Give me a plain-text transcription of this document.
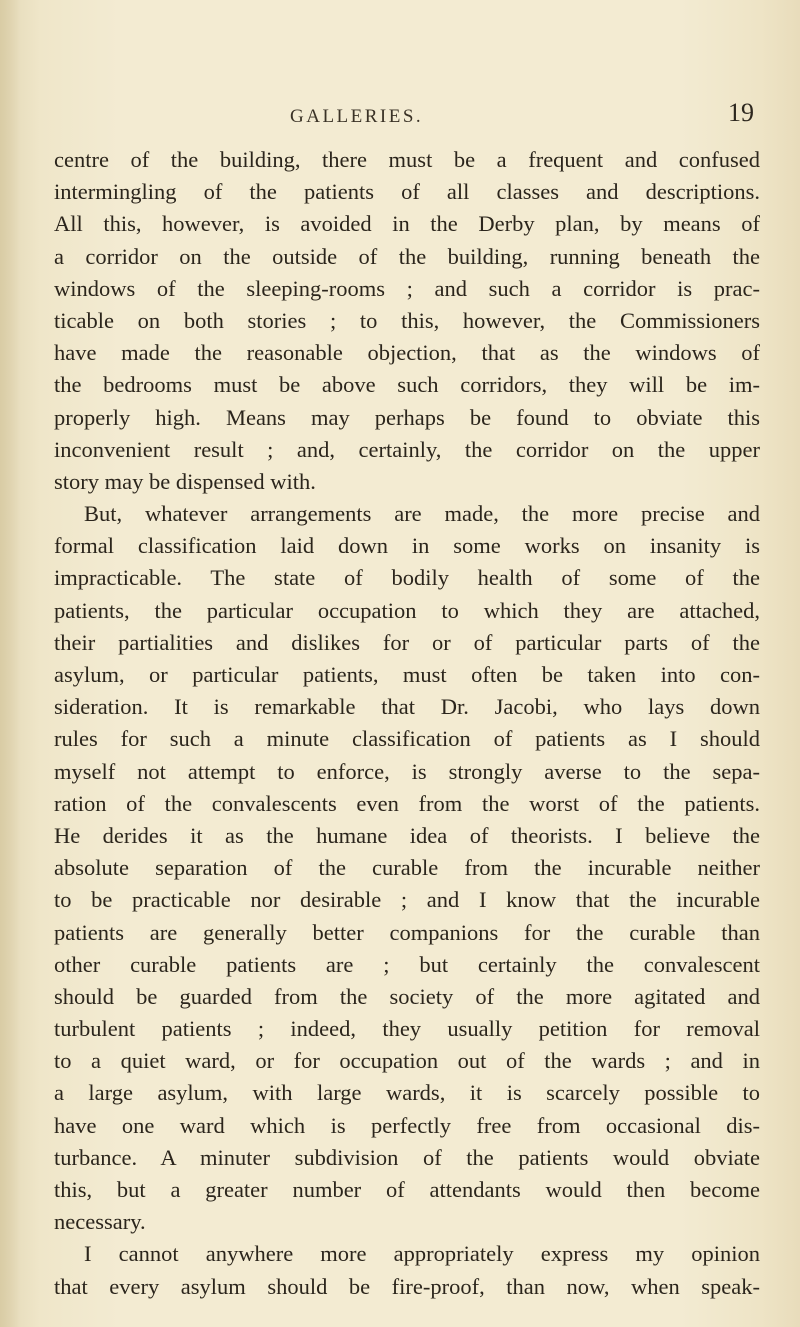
GALLERIES.	19
centre of the building, there must be a frequent and confused
intermingling of the patients of all classes and descriptions.
All this, however, is avoided in the Derby plan, by means of
a corridor on the outside of the building, running beneath the
windows of the sleeping-rooms ; and such a corridor is prac-
ticable on both stories ; to this, however, the Commissioners
have made the reasonable objection, that as the windows of
the bedrooms must be above such corridors, they will be im-
properly high. Means may perhaps be found to obviate this
inconvenient result ; and, certainly, the corridor on the upper
story may be dispensed with.
But, whatever arrangements are made, the more precise and
formal classification laid down in some works on insanity is
impracticable. The state of bodily health of some of the
patients, the particular occupation to which they are attached,
their partialities and dislikes for or of particular parts of the
asylum, or particular patients, must often be taken into con-
sideration. It is remarkable that Dr. Jacobi, who lays down
rules for such a minute classification of patients as I should
myself not attempt to enforce, is strongly averse to the sepa-
ration of the convalescents even from the worst of the patients.
He derides it as the humane idea of theorists. I believe the
absolute separation of the curable from the incurable neither
to be practicable nor desirable ; and I know that the incurable
patients are generally better companions for the curable than
other curable patients are ; but certainly the convalescent
should be guarded from the society of the more agitated and
turbulent patients ; indeed, they usually petition for removal
to a quiet ward, or for occupation out of the wards ; and in
a large asylum, with large wards, it is scarcely possible to
have one ward which is perfectly free from occasional dis-
turbance. A minuter subdivision of the patients would obviate
this, but a greater number of attendants would then become
necessary.
I cannot anywhere more appropriately express my opinion
that every asylum should be fire-proof, than now, when speak-
